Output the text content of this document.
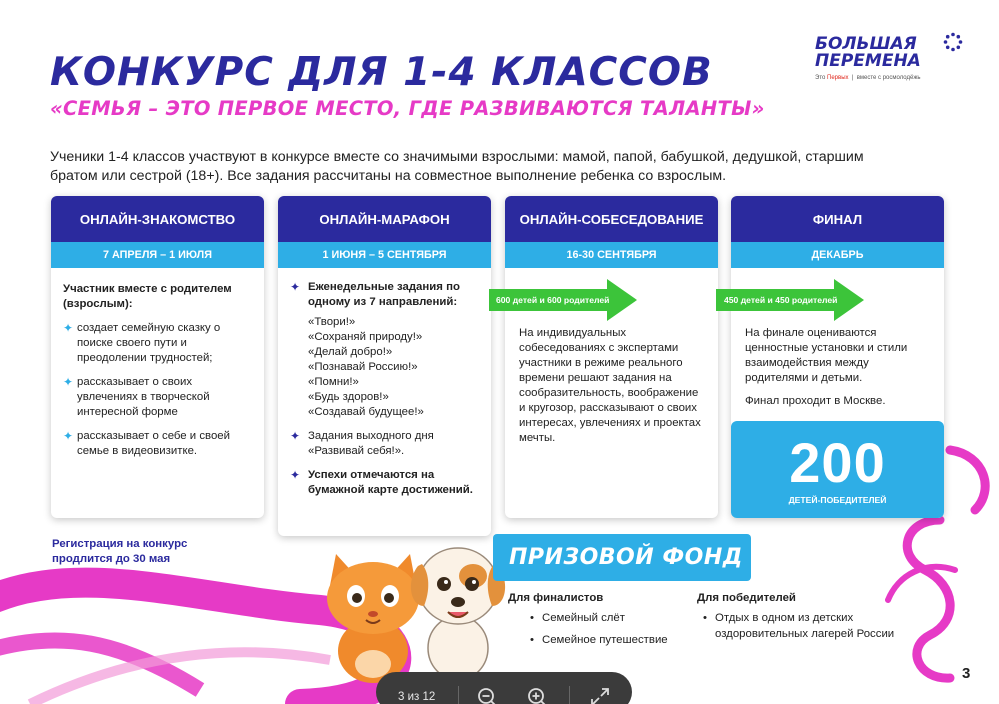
КОНКУРС ДЛЯ 1-4 КЛАССОВ
«СЕМЬЯ – ЭТО ПЕРВОЕ МЕСТО, ГДЕ РАЗВИВАЮТСЯ ТАЛАНТЫ»
БОЛЬШАЯ
ПЕРЕМЕНА
Это Первых  |  вместе с росмолодёжь
Ученики 1-4 классов участвуют в конкурсе вместе со значимыми взрослыми: мамой, папой, бабушкой, дедушкой, старшим братом или сестрой (18+). Все задания рассчитаны на совместное выполнение ребенка со взрослым.
ОНЛАЙН-ЗНАКОМСТВО
7 АПРЕЛЯ – 1 ИЮЛЯ
Участник вместе с родителем (взрослым):
✦ создает семейную сказку о поиске своего пути и преодолении трудностей;
✦ рассказывает о своих увлечениях в творческой интересной форме
✦ рассказывает о себе и своей семье в видеовизитке.
ОНЛАЙН-МАРАФОН
1 ИЮНЯ – 5 СЕНТЯБРЯ
✦ Еженедельные задания по одному из 7 направлений:
«Твори!»
«Сохраняй природу!»
«Делай добро!»
«Познавай Россию!»
«Помни!»
«Будь здоров!»
«Создавай будущее!»
✦ Задания выходного дня «Развивай себя!».
✦ Успехи отмечаются на бумажной карте достижений.
ОНЛАЙН-СОБЕСЕДОВАНИЕ
16-30 СЕНТЯБРЯ
На индивидуальных собеседованиях с экспертами участники в режиме реального времени решают задания на сообразительность, воображение и кругозор, рассказывают о своих интересах, увлечениях и проектах мечты.
ФИНАЛ
ДЕКАБРЬ
На финале оцениваются ценностные установки и стили взаимодействия между родителями и детьми.
Финал проходит в Москве.
600 детей и 600 родителей	450 детей и 450 родителей
200
ДЕТЕЙ-ПОБЕДИТЕЛЕЙ
Регистрация на конкурс продлится до 30 мая	ПРИЗОВОЙ ФОНД
Для финалистов
• Семейный слёт
• Семейное путешествие
Для победителей
• Отдых в одном из детских оздоровительных лагерей России
3
3 из 12
